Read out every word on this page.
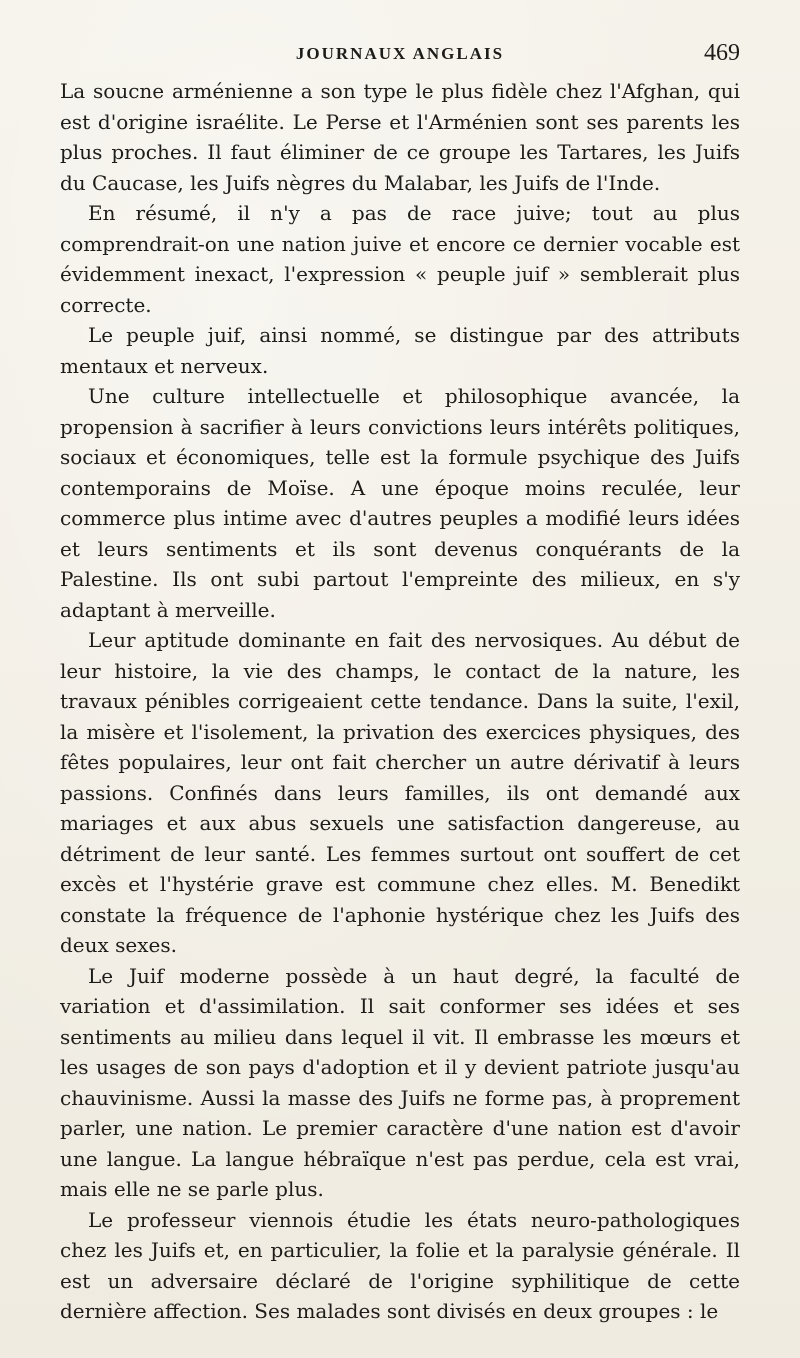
JOURNAUX ANGLAIS	469

La soucne arménienne a son type le plus fidèle chez l'Afghan, qui est d'origine israélite. Le Perse et l'Arménien sont ses parents les plus proches. Il faut éliminer de ce groupe les Tartares, les Juifs du Caucase, les Juifs nègres du Malabar, les Juifs de l'Inde.

En résumé, il n'y a pas de race juive; tout au plus comprendrait-on une nation juive et encore ce dernier vocable est évidemment inexact, l'expression « peuple juif » semblerait plus correcte.

Le peuple juif, ainsi nommé, se distingue par des attributs mentaux et nerveux.

Une culture intellectuelle et philosophique avancée, la propension à sacrifier à leurs convictions leurs intérêts politiques, sociaux et économiques, telle est la formule psychique des Juifs contemporains de Moïse. A une époque moins reculée, leur commerce plus intime avec d'autres peuples a modifié leurs idées et leurs sentiments et ils sont devenus conquérants de la Palestine. Ils ont subi partout l'empreinte des milieux, en s'y adaptant à merveille.

Leur aptitude dominante en fait des nervosiques. Au début de leur histoire, la vie des champs, le contact de la nature, les travaux pénibles corrigeaient cette tendance. Dans la suite, l'exil, la misère et l'isolement, la privation des exercices physiques, des fêtes populaires, leur ont fait chercher un autre dérivatif à leurs passions. Confinés dans leurs familles, ils ont demandé aux mariages et aux abus sexuels une satisfaction dangereuse, au détriment de leur santé. Les femmes surtout ont souffert de cet excès et l'hystérie grave est commune chez elles. M. Benedikt constate la fréquence de l'aphonie hystérique chez les Juifs des deux sexes.

Le Juif moderne possède à un haut degré, la faculté de variation et d'assimilation. Il sait conformer ses idées et ses sentiments au milieu dans lequel il vit. Il embrasse les mœurs et les usages de son pays d'adoption et il y devient patriote jusqu'au chauvinisme. Aussi la masse des Juifs ne forme pas, à proprement parler, une nation. Le premier caractère d'une nation est d'avoir une langue. La langue hébraïque n'est pas perdue, cela est vrai, mais elle ne se parle plus.

Le professeur viennois étudie les états neuro-pathologiques chez les Juifs et, en particulier, la folie et la paralysie générale. Il est un adversaire déclaré de l'origine syphilitique de cette dernière affection. Ses malades sont divisés en deux groupes : le
